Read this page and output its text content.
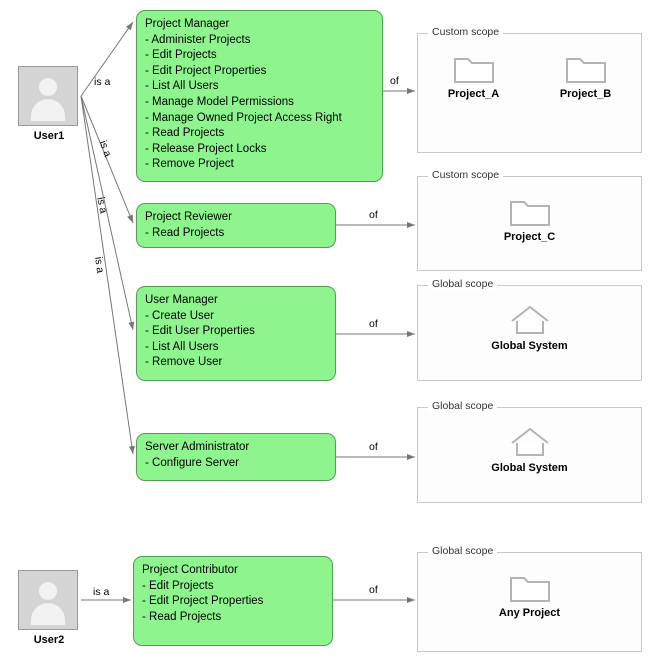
is a
is a
is a
is a
is a
of
of
of
of
of
User1
User2
Project Manager
- Administer Projects
- Edit Projects
- Edit Project Properties
- List All Users
- Manage Model Permissions
- Manage Owned Project Access Right
- Read Projects
- Release Project Locks
- Remove Project
Project Reviewer
- Read Projects
User Manager
- Create User
- Edit User Properties
- List All Users
- Remove User
Server Administrator
- Configure Server
Project Contributor
- Edit Projects
- Edit Project Properties
- Read Projects
Custom scope
Project_A	Project_B
Custom scope
Project_C
Global scope
Global System
Global scope
Global System
Global scope
Any Project
